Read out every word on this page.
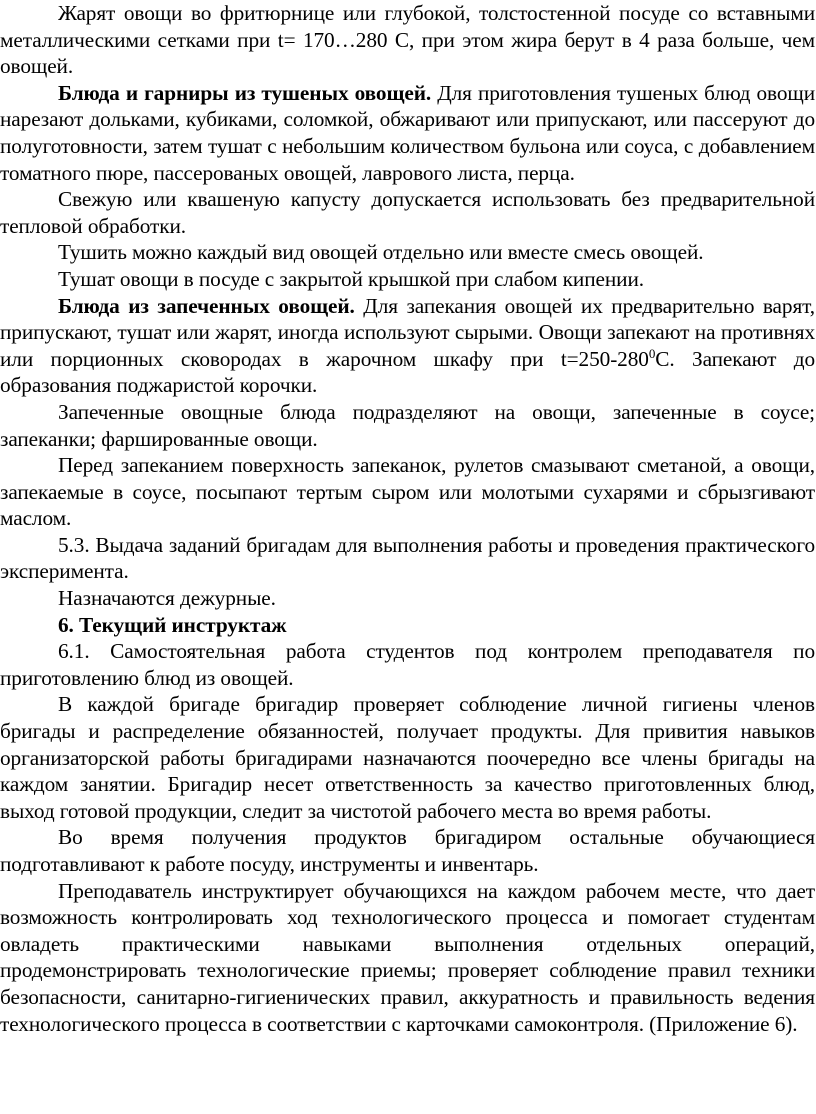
Жарят овощи во фритюрнице или глубокой, толстостенной посуде со вставными металлическими сетками при t= 170…280 С, при этом жира берут в 4 раза больше, чем овощей.

Блюда и гарниры из тушеных овощей. Для приготовления тушеных блюд овощи нарезают дольками, кубиками, соломкой, обжаривают или припускают, или пассеруют до полуготовности, затем тушат с небольшим количеством бульона или соуса, с добавлением томатного пюре, пассерованых овощей, лаврового листа, перца.

Свежую или квашеную капусту допускается использовать без предварительной тепловой обработки.

Тушить можно каждый вид овощей отдельно или вместе смесь овощей.

Тушат овощи в посуде с закрытой крышкой при слабом кипении.

Блюда из запеченных овощей. Для запекания овощей их предварительно варят, припускают, тушат или жарят, иногда используют сырыми. Овощи запекают на противнях или порционных сковородах в жарочном шкафу при $t=250-280^0С$. Запекают до образования поджаристой корочки.

Запеченные овощные блюда подразделяют на овощи, запеченные в соусе; запеканки; фаршированные овощи.

Перед запеканием поверхность запеканок, рулетов смазывают сметаной, а овощи, запекаемые в соусе, посыпают тертым сыром или молотыми сухарями и сбрызгивают маслом.

5.3. Выдача заданий бригадам для выполнения работы и проведения практического эксперимента.

Назначаются дежурные.

6. Текущий инструктаж

6.1. Самостоятельная работа студентов под контролем преподавателя по приготовлению блюд из овощей.

В каждой бригаде бригадир проверяет соблюдение личной гигиены членов бригады и распределение обязанностей, получает продукты. Для привития навыков организаторской работы бригадирами назначаются поочередно все члены бригады на каждом занятии. Бригадир несет ответственность за качество приготовленных блюд, выход готовой продукции, следит за чистотой рабочего места во время работы.

Во время получения продуктов бригадиром остальные обучающиеся подготавливают к работе посуду, инструменты и инвентарь.

Преподаватель инструктирует обучающихся на каждом рабочем месте, что дает возможность контролировать ход технологического процесса и помогает студентам овладеть практическими навыками выполнения отдельных операций, продемонстрировать технологические приемы; проверяет соблюдение правил техники безопасности, санитарно-гигиенических правил, аккуратность и правильность ведения технологического процесса в соответствии с карточками самоконтроля. (Приложение 6).
